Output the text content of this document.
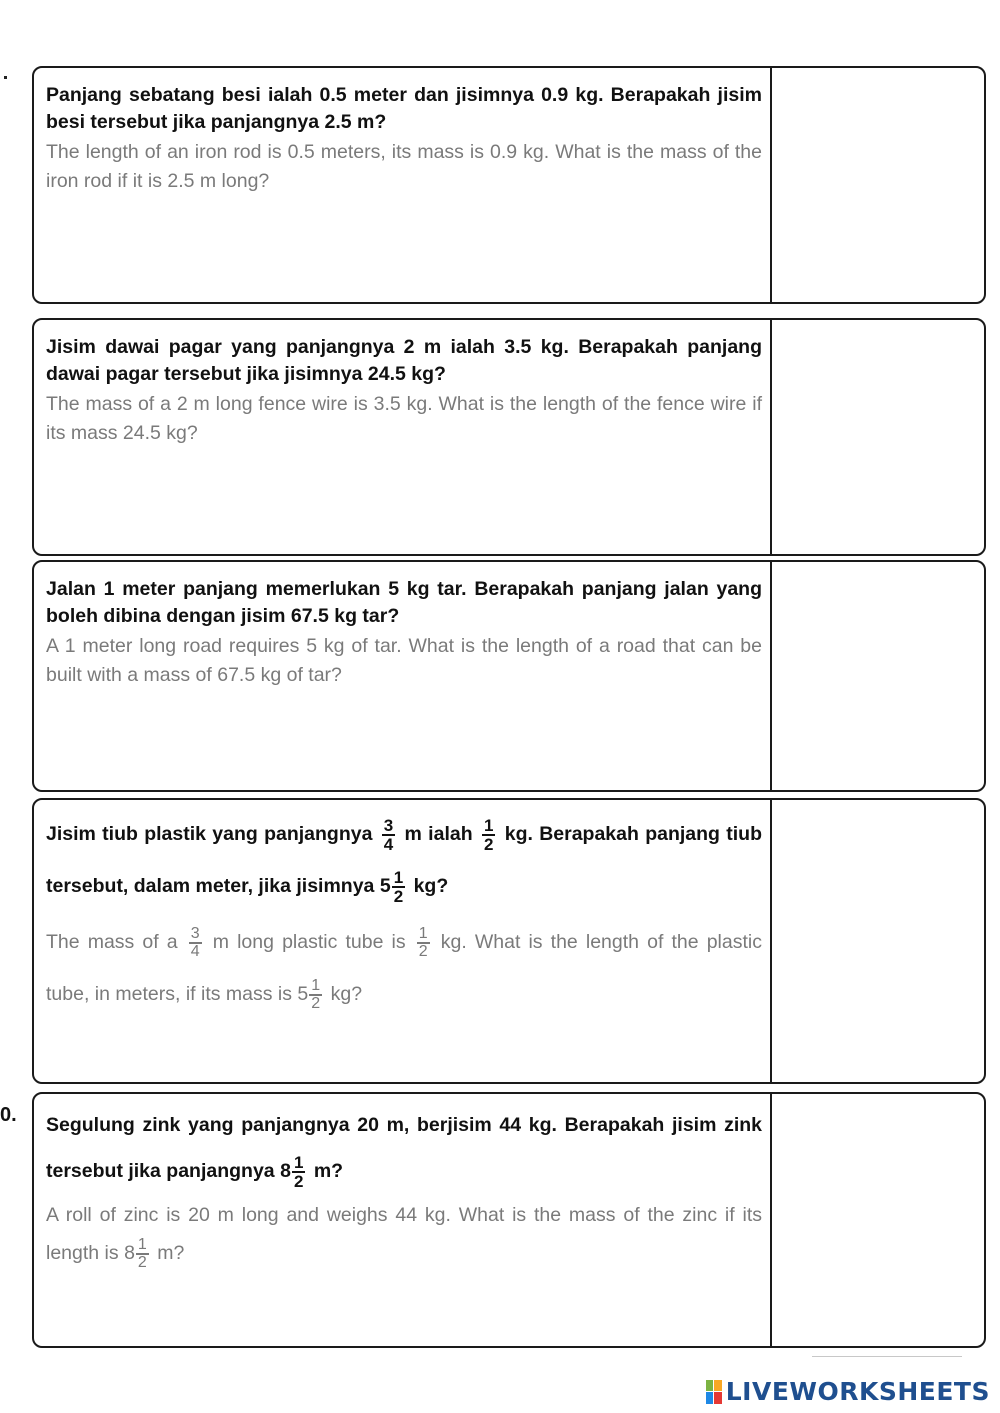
Panjang sebatang besi ialah 0.5 meter dan jisimnya 0.9 kg. Berapakah jisim besi tersebut jika panjangnya 2.5 m?
The length of an iron rod is 0.5 meters, its mass is 0.9 kg. What is the mass of the iron rod if it is 2.5 m long?
Jisim dawai pagar yang panjangnya 2 m ialah 3.5 kg. Berapakah panjang dawai pagar tersebut jika jisimnya 24.5 kg?
The mass of a 2 m long fence wire is 3.5 kg. What is the length of the fence wire if its mass 24.5 kg?
Jalan 1 meter panjang memerlukan 5 kg tar. Berapakah panjang jalan yang boleh dibina dengan jisim 67.5 kg tar?
A 1 meter long road requires 5 kg of tar. What is the length of a road that can be built with a mass of 67.5 kg of tar?
Jisim tiub plastik yang panjangnya $\frac{3}{4}$ m ialah $\frac{1}{2}$ kg. Berapakah panjang tiub tersebut, dalam meter, jika jisimnya $5 \frac{1}{2}$ kg?
The mass of a $\frac{3}{4}$ m long plastic tube is $\frac{1}{2}$ kg. What is the length of the plastic tube, in meters, if its mass is $5 \frac{1}{2}$ kg?
0. Segulung zink yang panjangnya 20 m, berjisim 44 kg. Berapakah jisim zink tersebut jika panjangnya $8 \frac{1}{2} m$?
A roll of zinc is 20 m long and weighs 44 kg. What is the mass of the zinc if its length is $8 \frac{1}{2} m$?
LIVEWORKSHEETS
